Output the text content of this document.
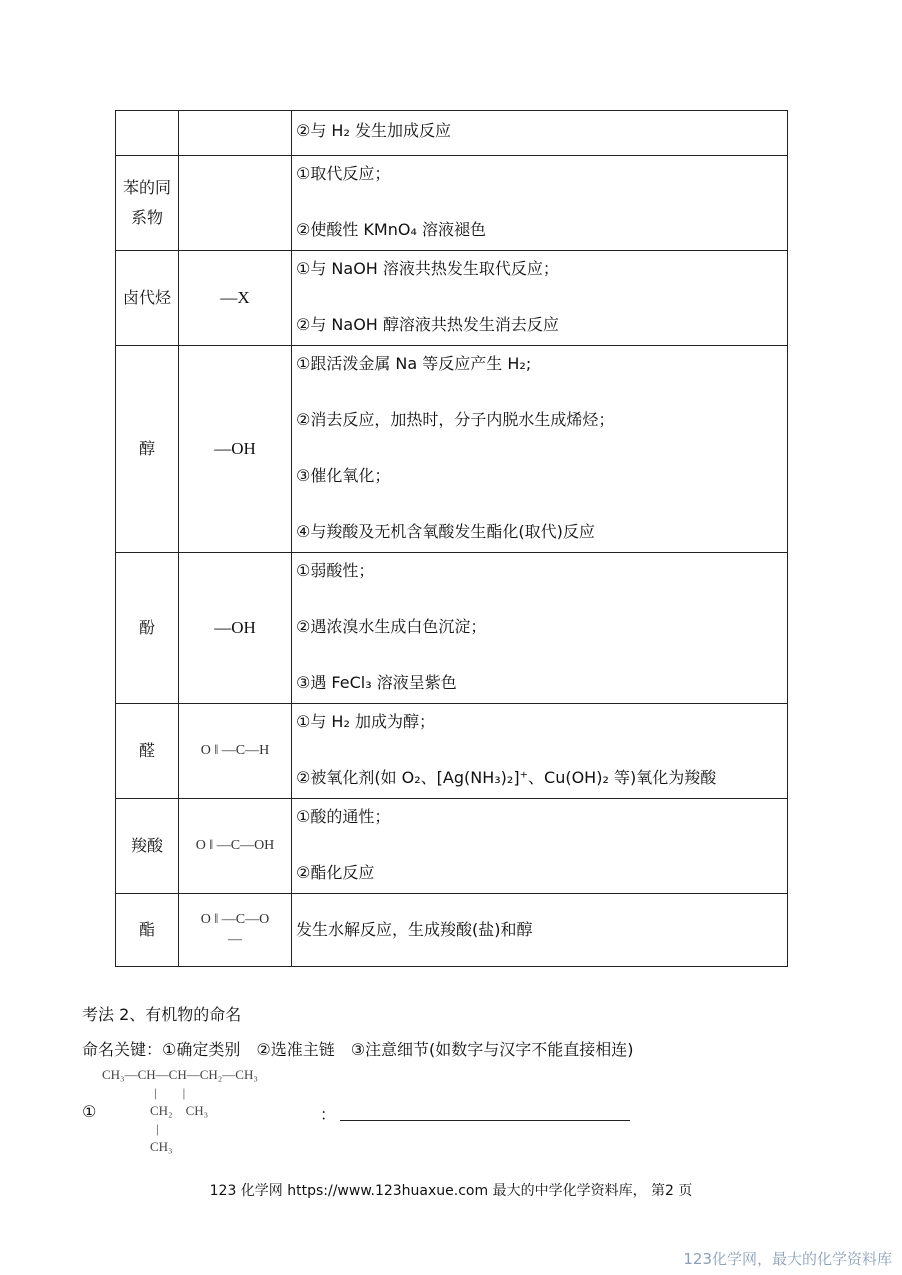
		②与 H₂ 发生加成反应

苯的同系物		①取代反应；
②使酸性 KMnO₄ 溶液褪色

卤代烃	—X	①与 NaOH 溶液共热发生取代反应；
②与 NaOH 醇溶液共热发生消去反应

醇	—OH	①跟活泼金属 Na 等反应产生 H₂;
②消去反应，加热时，分子内脱水生成烯烃；
③催化氧化；
④与羧酸及无机含氧酸发生酯化(取代)反应

酚	—OH	①弱酸性；
②遇浓溴水生成白色沉淀；
③遇 FeCl₃ 溶液呈紫色

醛	O ‖ —C—H	①与 H₂ 加成为醇；
②被氧化剂(如 O₂、[Ag(NH₃)₂]⁺、Cu(OH)₂ 等)氧化为羧酸

羧酸	O ‖ —C—OH	①酸的通性；
②酯化反应

酯	O ‖ —C—O—	发生水解反应，生成羧酸(盐)和醇
考法 2、有机物的命名
命名关键：①确定类别　②选准主链　③注意细节(如数字与汉字不能直接相连)
CH₃—CH—CH—CH₂—CH₃
|　　|
CH₂　CH₃
|
CH₃
①	：
123 化学网 https://www.123huaxue.com 最大的中学化学资料库， 第2 页
123化学网，最大的化学资料库
